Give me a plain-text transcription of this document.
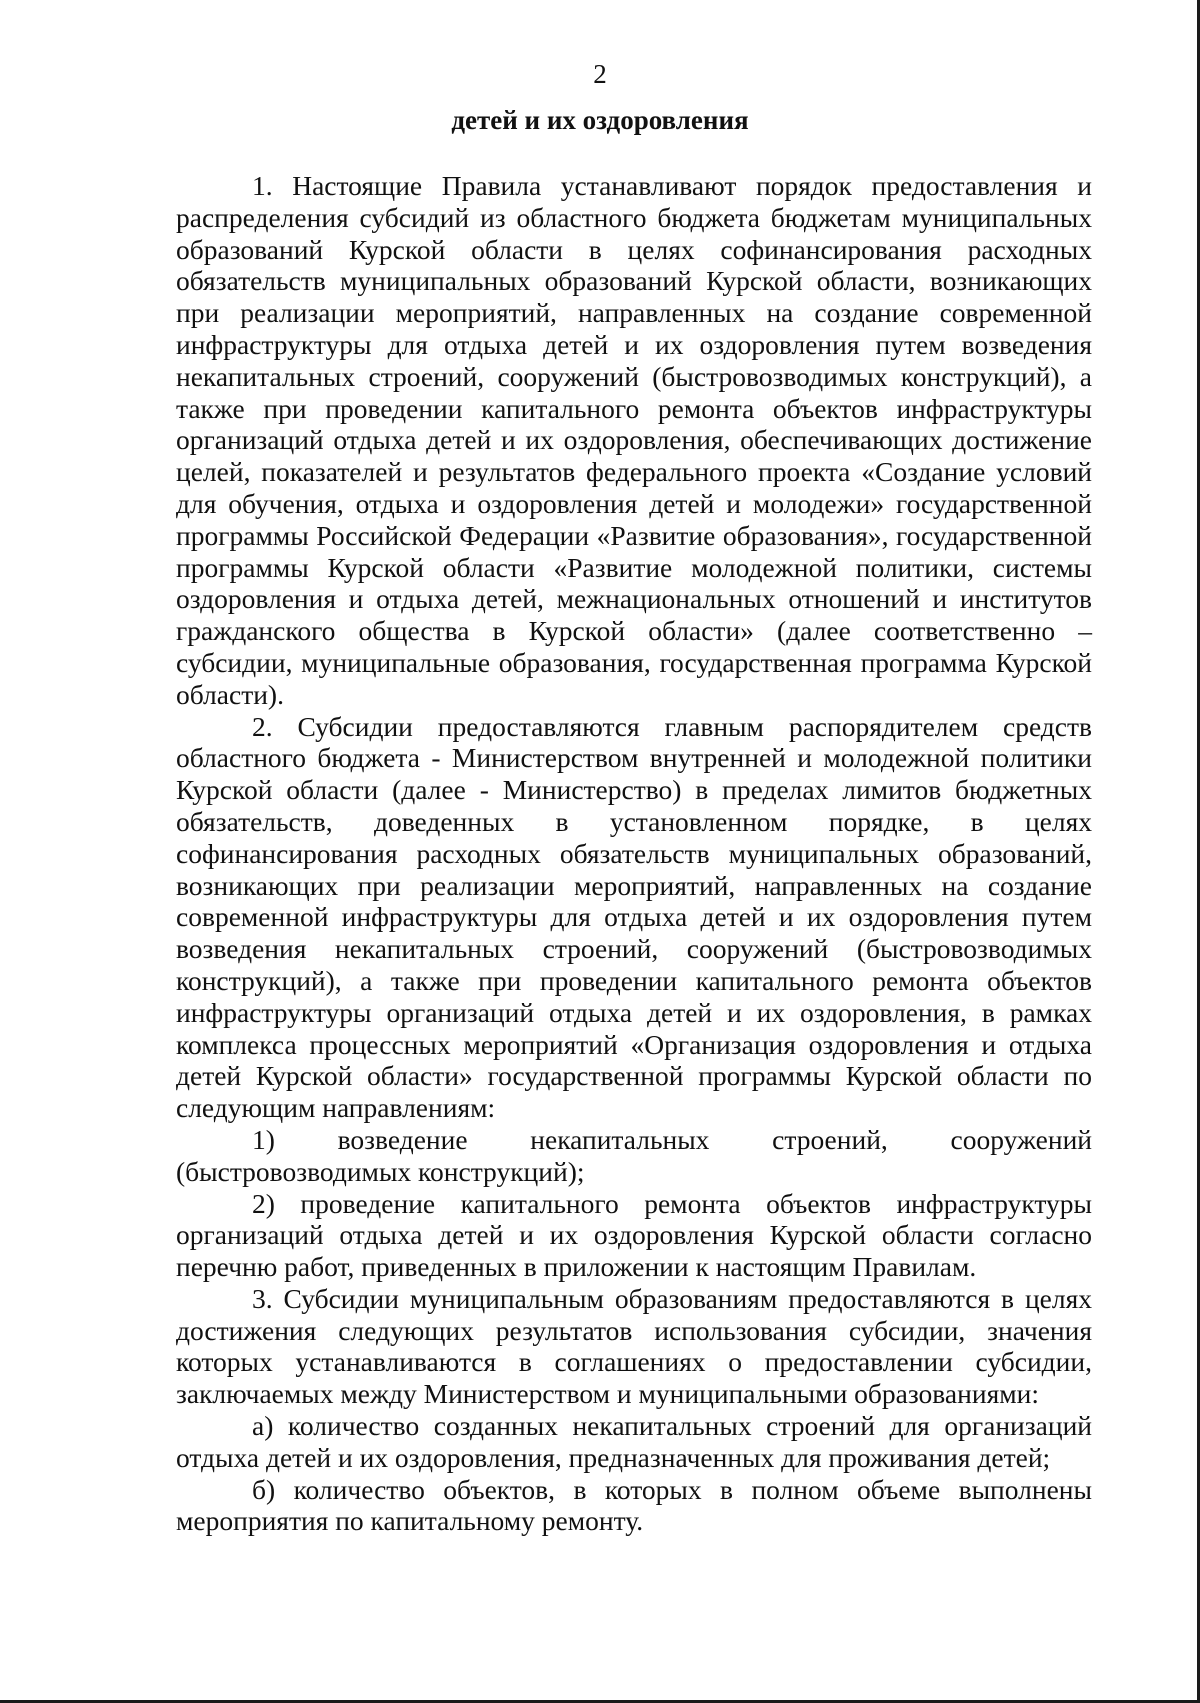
2
детей и их оздоровления

1. Настоящие Правила устанавливают порядок предоставления и распределения субсидий из областного бюджета бюджетам муниципальных образований Курской области в целях софинансирования расходных обязательств муниципальных образований Курской области, возникающих при реализации мероприятий, направленных на создание современной инфраструктуры для отдыха детей и их оздоровления путем возведения некапитальных строений, сооружений (быстровозводимых конструкций), а также при проведении капитального ремонта объектов инфраструктуры организаций отдыха детей и их оздоровления, обеспечивающих достижение целей, показателей и результатов федерального проекта «Создание условий для обучения, отдыха и оздоровления детей и молодежи» государственной программы Российской Федерации «Развитие образования», государственной программы Курской области «Развитие молодежной политики, системы оздоровления и отдыха детей, межнациональных отношений и институтов гражданского общества в Курской области» (далее соответственно – субсидии, муниципальные образования, государственная программа Курской области).

2. Субсидии предоставляются главным распорядителем средств областного бюджета - Министерством внутренней и молодежной политики Курской области (далее - Министерство) в пределах лимитов бюджетных обязательств, доведенных в установленном порядке, в целях софинансирования расходных обязательств муниципальных образований, возникающих при реализации мероприятий, направленных на создание современной инфраструктуры для отдыха детей и их оздоровления путем возведения некапитальных строений, сооружений (быстровозводимых конструкций), а также при проведении капитального ремонта объектов инфраструктуры организаций отдыха детей и их оздоровления, в рамках комплекса процессных мероприятий «Организация оздоровления и отдыха детей Курской области» государственной программы Курской области по следующим направлениям:

1) возведение некапитальных строений, сооружений (быстровозводимых конструкций);

2) проведение капитального ремонта объектов инфраструктуры организаций отдыха детей и их оздоровления Курской области согласно перечню работ, приведенных в приложении к настоящим Правилам.

3. Субсидии муниципальным образованиям предоставляются в целях достижения следующих результатов использования субсидии, значения которых устанавливаются в соглашениях о предоставлении субсидии, заключаемых между Министерством и муниципальными образованиями:

а) количество созданных некапитальных строений для организаций отдыха детей и их оздоровления, предназначенных для проживания детей;

б) количество объектов, в которых в полном объеме выполнены мероприятия по капитальному ремонту.
